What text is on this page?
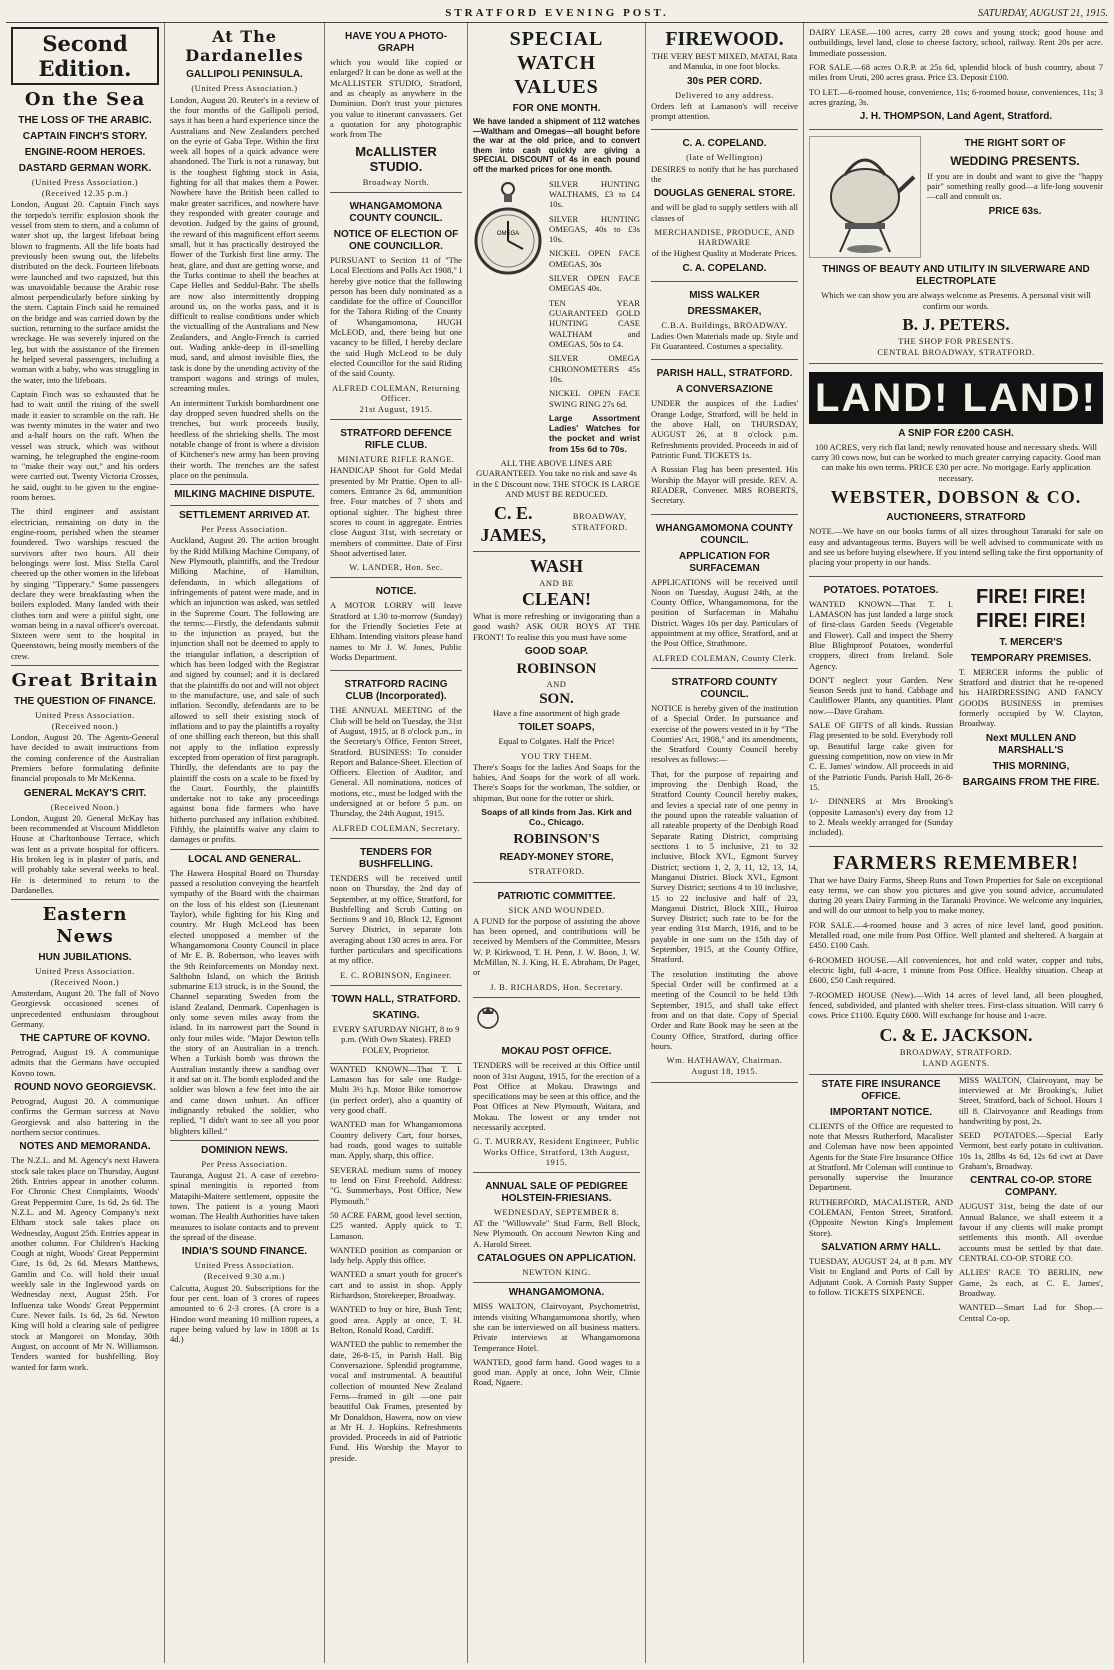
STRATFORD EVENING POST.	SATURDAY, AUGUST 21, 1915.
Second Edition.
On the Sea
THE LOSS OF THE ARABIC.
CAPTAIN FINCH'S STORY.
ENGINE-ROOM HEROES.
DASTARD GERMAN WORK.
(United Press Association.)
(Received 12.35 p.m.)

London, August 20. Captain Finch says the torpedo's terrific explosion shook the vessel from stem to stern, and a column of water shot up, the largest lifeboat being blown to fragments. All the life boats had previously been swung out, the lifebelts distributed on the deck. Fourteen lifeboats were launched and two capsized, but this was unavoidable because the Arabic rose almost perpendicularly before sinking by the stern. Captain Finch said he remained on the bridge and was carried down by the suction, returning to the surface amidst the wreckage. He was severely injured on the leg, but with the assistance of the firemen he helped several passengers, including a woman with a baby, who was struggling in the water, into the lifeboats.

Captain Finch was so exhausted that he had to wait until the rising of the swell made it easier to scramble on the raft. He was twenty minutes in the water and two and a-half hours on the raft. When the vessel was struck, which was without warning, he telegraphed the engine-room to "make their way out," and his orders were carried out. Twenty Victoria Crosses, he said, ought to be given to the engine-room heroes.

The third engineer and assistant electrician, remaining on duty in the engine-room, perished when the steamer foundered. Two warships rescued the survivors after two hours. All their belongings were lost. Miss Stella Carol cheered up the other women in the lifeboat by singing "Tipperary." Some passengers declare they were breakfasting when the boilers exploded. Many landed with their clothes torn and were a pitiful sight, one woman being in a naval officer's overcoat. Sixteen were sent to the hospital in Queenstown, being mostly members of the crew.

Great Britain
THE QUESTION OF FINANCE.
United Press Association.
(Received noon.)

London, August 20. The Agents-General have decided to await instructions from the coming conference of the Australian Premiers before formulating definite financial proposals to Mr McKenna.

GENERAL McKAY'S CRIT.
(Received Noon.)

London, August 20. General McKay has been recommended at Viscount Middleton House at Charltonhouse Terrace, which was lent as a private hospital for officers. His broken leg is in plaster of paris, and will probably take several weeks to heal. He is determined to return to the Dardanelles.

Eastern News
HUN JUBILATIONS.
United Press Association.
(Received Noon.)

Amsterdam, August 20. The fall of Novo Georgievsk occasioned scenes of unprecedented enthusiasm throughout Germany.

THE CAPTURE OF KOVNO.

Petrograd, August 19. A communique admits that the Germans have occupied Kovno town.

ROUND NOVO GEORGIEVSK.

Petrograd, August 20. A communique confirms the German success at Novo Georgievsk and also battering in the northern sector continues.

NOTES AND MEMORANDA.

The N.Z.L. and M. Agency's next Hawera stock sale takes place on Thursday, August 26th. Entries appear in another column. For Chronic Chest Complaints, Woods' Great Peppermint Cure, 1s 6d, 2s 6d. The N.Z.L. and M. Agency Company's next Eltham stock sale takes place on Wednesday, August 25th. Entries appear in another column. For Children's Hacking Cough at night, Woods' Great Peppermint Cure, 1s 6d, 2s 6d. Messrs Matthews, Gamlin and Co. will hold their usual weekly sale in the Inglewood yards on Wednesday next, August 25th. For Influenza take Woods' Great Peppermint Cure. Never fails. 1s 6d, 2s 6d. Newton King will hold a clearing sale of pedigree stock at Mangorei on Monday, 30th August, on account of Mr N. Williamson. Tenders wanted for bushfelling. Boy wanted for farm work.

At The Dardanelles
GALLIPOLI PENINSULA.
(United Press Association.)

London, August 20. Reuter's in a review of the four months of the Gallipoli period, says it has been a hard experience since the Australians and New Zealanders perched on the eyrie of Gaba Tepe. Within the first week all hopes of a quick advance were abandoned. The Turk is not a runaway, but is the toughest fighting stock in Asia, fighting for all that makes them a Power. Nowhere have the British been called to make greater sacrifices, and nowhere have they responded with greater courage and devotion. Judged by the gains of ground, the reward of this magnificent effort seems small, but it has practically destroyed the flower of the Turkish first line army. The heat, glare, and dust are getting worse, and the Turks continue to shell the beaches at Cape Helles and Seddul-Bahr. The shells are now also intermittently dropping around us, on the works pass, and it is difficult to realise conditions under which the victualling of the Australians and New Zealanders, and Anglo-French is carried out. Wading ankle-deep in ill-smelling mud, sand, and almost invisible flies, the task is done by the unending activity of the transport wagons and strings of mules, screaming mules.

An intermittent Turkish bombardment one day dropped seven hundred shells on the trenches, but work proceeds busily, heedless of the shrieking shells. The most notable change of front is where a division of Kitchener's new army has been proving their worth. The trenches are the safest place on the peninsula.

MILKING MACHINE DISPUTE.
SETTLEMENT ARRIVED AT.
Per Press Association.

Auckland, August 20. The action brought by the Ridd Milking Machine Company, of New Plymouth, plaintiffs, and the Tredour Milking Machine, of Hamilton, defendants, in which allegations of infringements of patent were made, and in which an injunction was asked, was settled in the Supreme Court. The following are the terms:—Firstly, the defendants submit to the injunction as prayed, but the injunction shall not be deemed to apply to the triangular inflation, a description of which has been lodged with the Registrar and signed by counsel; and it is declared that the plaintiffs do not and will not object to the manufacture, use, and sale of such inflation. Secondly, defendants are to be allowed to sell their existing stock of inflations and to pay the plaintiffs a royalty of one shilling each thereon, but this shall not apply to the inflation expressly excepted from operation of first paragraph. Thirdly, the defendants are to pay the plaintiff the costs on a scale to be fixed by the Court. Fourthly, the plaintiffs undertake not to take any proceedings against bona fide farmers who have hitherto purchased any inflation exhibited. Fifthly, the plaintiffs waive any claim to damages or profits.

LOCAL AND GENERAL.

The Hawera Hospital Board on Thursday passed a resolution conveying the heartfelt sympathy of the Board with the chairman on the loss of his eldest son (Lieutenant Taylor), while fighting for his King and country. Mr Hugh McLeod has been elected unopposed a member of the Whangamomona County Council in place of Mr E. B. Robertson, who leaves with the 9th Reinforcements on Monday next. Salthohn Island, on which the British submarine E13 struck, is in the Sound, the Channel separating Sweden from the island Zealand, Denmark. Copenhagen is only some seven miles away from the island. In its narrowest part the Sound is only four miles wide. "Major Dewton tells the story of an Australian in a trench. When a Turkish bomb was thrown the Australian instantly threw a sandbag over it and sat on it. The bomb exploded and the soldier was blown a few feet into the air and came down unhurt. An officer indignantly rebuked the soldier, who replied, "I didn't want to see all you poor blighters killed."

DOMINION NEWS.
Per Press Association.

Tauranga, August 21. A case of cerebro-spinal meningitis is reported from Matapihi-Maitere settlement, opposite the town. The patient is a young Maori woman. The Health Authorities have taken measures to isolate contacts and to prevent the spread of the disease.

INDIA'S SOUND FINANCE.
United Press Association.
(Received 9.30 a.m.)

Calcutta, August 20. Subscriptions for the four per cent. loan of 3 crores of rupees amounted to 6 2-3 crores. (A crore is a Hindoo word meaning 10 million rupees, a rupee being valued by law in 1808 at 1s 4d.)

HAVE YOU A PHOTO-GRAPH

which you would like copied or enlarged? It can be done as well at the McALLISTER STUDIO, Stratford, and as cheaply as anywhere in the Dominion. Don't trust your pictures you value to itinerant canvassers. Get a quotation for any photographic work from The

McALLISTER STUDIO.
Broadway North.
WHANGAMOMONA COUNTY COUNCIL.
NOTICE OF ELECTION OF ONE COUNCILLOR.

PURSUANT to Section 11 of "The Local Elections and Polls Act 1908," I hereby give notice that the following person has been duly nominated as a candidate for the office of Councillor for the Tahora Riding of the County of Whangamomona, HUGH McLEOD, and, there being but one vacancy to be filled, I hereby declare the said Hugh McLeod to be duly elected Councillor for the said Riding of the said County.

ALFRED COLEMAN, Returning Officer.
21st August, 1915.
STRATFORD DEFENCE RIFLE CLUB.
MINIATURE RIFLE RANGE.

HANDICAP Shoot for Gold Medal presented by Mr Prattie. Open to all-comers. Entrance 2s 6d, ammunition free. Four matches of 7 shots and optional sighter. The highest three scores to count in aggregate. Entries close August 31st, with secretary or members of committee. Date of First Shoot advertised later.

W. LANDER, Hon. Sec.
NOTICE.

A MOTOR LORRY will leave Stratford at 1.30 to-morrow (Sunday) for the Friendly Societies Fete at Eltham. Intending visitors please hand names to Mr J. W. Jones, Public Works Department.

STRATFORD RACING CLUB (Incorporated).

THE ANNUAL MEETING of the Club will be held on Tuesday, the 31st of August, 1915, at 8 o'clock p.m., in the Secretary's Office, Fenton Street, Stratford. BUSINESS: To consider Report and Balance-Sheet. Election of Officers. Election of Auditor, and General. All nominations, notices of motions, etc., must be lodged with the undersigned at or before 5 p.m. on Thursday, the 24th August, 1915.

ALFRED COLEMAN, Secretary.
TENDERS FOR BUSHFELLING.

TENDERS will be received until noon on Thursday, the 2nd day of September, at my office, Stratford, for Bushfelling and Scrub Cutting on Sections 9 and 10, Block 12, Egmont Survey District, in separate lots averaging about 130 acres in area. For further particulars and specifications at my office.

E. C. ROBINSON, Engineer.
TOWN HALL, STRATFORD.
SKATING.

EVERY SATURDAY NIGHT, 8 to 9 p.m. (With Own Skates). FRED FOLEY, Proprietor.

WANTED KNOWN—That T. I. Lamason has for sale one Rudge-Multi 3½ h.p. Motor Bike tomorrow (in perfect order), also a quantity of very good chaff.

WANTED man for Whangamomona Country delivery Cart, four horses, bad roads, good wages to suitable man. Apply, sharp, this office.

SEVERAL medium sums of money to lend on First Freehold. Address: "G. Summerhays, Post Office, New Plymouth."

50 ACRE FARM, good level section, £25 wanted. Apply quick to T. Lamason.

WANTED position as companion or lady help. Apply this office.

WANTED a smart youth for grocer's cart and to assist in shop. Apply Richardson, Storekeeper, Broadway.

WANTED to buy or hire, Bush Tent; good area. Apply at once, T. H. Belton, Ronald Road, Cardiff.

WANTED the public to remember the date, 26-8-15, in Parish Hall. Big Conversazione. Splendid programme, vocal and instrumental. A beautiful collection of mounted New Zealand Ferns—framed in gilt —one pair beautiful Oak Frames, presented by Mr Donaldson, Hawera, now on view at Mr H. J. Hopkins. Refreshments provided. Proceeds in aid of Patriotic Fund. His Worship the Mayor to preside.

SPECIAL WATCH VALUES
FOR ONE MONTH.

We have landed a shipment of 112 watches—Waltham and Omegas—all bought before the war at the old price, and to convert them into cash quickly are giving a SPECIAL DISCOUNT of 4s in each pound off the marked prices for one month.

OMEGA

SILVER HUNTING WALTHAMS, £3 to £4 10s.

SILVER HUNTING OMEGAS, 40s to £3s 10s.

NICKEL OPEN FACE OMEGAS, 30s

SILVER OPEN FACE OMEGAS 40s.

TEN YEAR GUARANTEED GOLD HUNTING CASE WALTHAM and OMEGAS, 50s to £4.

SILVER OMEGA CHRONOMETERS 45s 10s.

NICKEL OPEN FACE SWING RING 27s 6d.

Large Assortment Ladies' Watches for the pocket and wrist from 15s 6d to 70s.

ALL THE ABOVE LINES ARE GUARANTEED. You take no risk and save 4s in the £ Discount now. THE STOCK IS LARGE AND MUST BE REDUCED.

C. E. JAMES,
BROADWAY, STRATFORD.
WASH
AND BE
CLEAN!

What is more refreshing or invigorating than a good wash? ASK OUR BOYS AT THE FRONT! To realise this you must have some

GOOD SOAP.
ROBINSON
AND
SON.

Have a fine assortment of high grade

TOILET SOAPS,

Equal to Colgates. Half the Price!

YOU TRY THEM.

There's Soaps for the ladies And Soaps for the babies, And Soaps for the work of all work. There's Soaps for the workman, The soldier, or shipman, But none for the rotter or shirk.

Soaps of all kinds from Jas. Kirk and Co., Chicago.

ROBINSON'S
READY-MONEY STORE,
STRATFORD.
PATRIOTIC COMMITTEE.
SICK AND WOUNDED.

A FUND for the purpose of assisting the above has been opened, and contributions will be received by Members of the Committee, Messrs W. P. Kirkwood, T. H. Penn, J. W. Boon, J. W. McMillan, N. J. King, H. E. Abraham, Dr Paget, or

J. B. RICHARDS, Hon. Secretary.
MOKAU POST OFFICE.

TENDERS will be received at this Office until noon of 31st August, 1915, for the erection of a Post Office at Mokau. Drawings and specifications may be seen at this office, and the Post Offices at New Plymouth, Waitara, and Mokau. The lowest or any tender not necessarily accepted.

G. T. MURRAY, Resident Engineer, Public Works Office, Stratford, 13th August, 1915.
ANNUAL SALE OF PEDIGREE HOLSTEIN-FRIESIANS.
WEDNESDAY, SEPTEMBER 8.

AT the "Willowvale" Stud Farm, Bell Block, New Plymouth. On account Newton King and A. Harold Street.

CATALOGUES ON APPLICATION.
NEWTON KING.
WHANGAMOMONA.

MISS WALTON, Clairvoyant, Psychometrist, intends visiting Whangamomona shortly, when she can be interviewed on all business matters. Private interviews at Whangamomona Temperance Hotel.

WANTED, good farm hand. Good wages to a good man. Apply at once, John Weir, Clinie Road, Ngaere.

FIREWOOD.

THE VERY BEST MIXED, MATAI, Rata and Manuka, in one foot blocks.

30s PER CORD.
Delivered to any address.

Orders left at Lamason's will receive prompt attention.

C. A. COPELAND.
(late of Wellington)

DESIRES to notify that he has purchased the

DOUGLAS GENERAL STORE.

and will be glad to supply settlers with all classes of

MERCHANDISE, PRODUCE, AND HARDWARE

of the Highest Quality at Moderate Prices.

C. A. COPELAND.
MISS WALKER
DRESSMAKER,
C.B.A. Buildings, BROADWAY.

Ladies Own Materials made up. Style and Fit Guaranteed. Costumes a speciality.

PARISH HALL, STRATFORD.
A CONVERSAZIONE

UNDER the auspices of the Ladies' Orange Lodge, Stratford, will be held in the above Hall, on THURSDAY, AUGUST 26, at 8 o'clock p.m. Refreshments provided. Proceeds in aid of Patriotic Fund. TICKETS 1s.

A Russian Flag has been presented. His Worship the Mayor will preside. REV. A. READER, Convener. MRS ROBERTS, Secretary.

WHANGAMOMONA COUNTY COUNCIL.
APPLICATION FOR SURFACEMAN

APPLICATIONS will be received until Noon on Tuesday, August 24th, at the County Office, Whangamomona, for the position of Surfaceman in Mahahu District. Wages 10s per day. Particulars of appointment at my office, Stratford, and at the Post Office, Strathmore.

ALFRED COLEMAN, County Clerk.
STRATFORD COUNTY COUNCIL.

NOTICE is hereby given of the institution of a Special Order. In pursuance and exercise of the powers vested in it by "The Counties' Act, 1908," and its amendments, the Stratford County Council hereby resolves as follows:—

That, for the purpose of repairing and improving the Denbigh Road, the Stratford County Council hereby makes, and levies a special rate of one penny in the pound upon the rateable valuation of all rateable property of the Denbigh Road Separate Rating District, comprising sections 1 to 5 inclusive, 21 to 32 inclusive, Block XVI., Egmont Survey District; sections 1, 2, 3, 11, 12, 13, 14, Manganui District. Block XVI., Egmont Survey District; sections 4 to 10 inclusive, 15 to 22 inclusive and half of 23, Manganui District, Block XIII., Huiroa Survey District; such rate to be for the year ending 31st March, 1916, and to be payable in one sum on the 15th day of September, 1915, at the County Office, Stratford.

The resolution instituting the above Special Order will be confirmed at a meeting of the Council to be held 13th September, 1915, and shall take effect from and on that date. Copy of Special Order and Rate Book may be seen at the County Office, Stratford, during office hours.

Wm. HATHAWAY, Chairman.
August 18, 1915.

DAIRY LEASE.—100 acres, carry 28 cows and young stock; good house and outbuildings, level land, close to cheese factory, school, railway. Rent 20s per acre. Immediate possession.

FOR SALE.—68 acres O.R.P. at 25s 6d, splendid block of bush country, about 7 miles from Uruti, 200 acres grass. Price £3. Deposit £100.

TO LET.—6-roomed house, convenience, 11s; 6-roomed house, conveniences, 11s; 3 acres grazing, 3s.

J. H. THOMPSON, Land Agent, Stratford.
THE RIGHT SORT OF
WEDDING PRESENTS.

If you are in doubt and want to give the "happy pair" something really good—a life-long souvenir—call and consult us.

PRICE 63s.
THINGS OF BEAUTY AND UTILITY IN SILVERWARE AND ELECTROPLATE

Which we can show you are always welcome as Presents. A personal visit will confirm our words.

B. J. PETERS.
THE SHOP FOR PRESENTS.
CENTRAL BROADWAY, STRATFORD.
LAND! LAND!
A SNIP FOR £200 CASH.

100 ACRES, very rich flat land; newly renovated house and necessary sheds. Will carry 30 cows now, but can be worked to much greater carrying capacity. Good man can make his own terms. PRICE £30 per acre. No mortgage. Early application necessary.

WEBSTER, DOBSON & CO.
AUCTIONEERS, STRATFORD

NOTE.—We have on our books farms of all sizes throughout Taranaki for sale on easy and advantageous terms. Buyers will be well advised to communicate with us and see us before buying elsewhere. If you intend selling take the first opportunity of placing your property in our hands.

POTATOES. POTATOES.

WANTED KNOWN—That T. I. LAMASON has just landed a large stock of first-class Garden Seeds (Vegetable and Flower). Call and inspect the Sherry Blue Blightproof Potatoes, wonderful croppers, direct from Ireland. Sole Agency.

DON'T neglect your Garden. New Season Seeds just to hand. Cabbage and Cauliflower Plants, any quantities. Plant now.—Dave Graham.

SALE OF GIFTS of all kinds. Russian Flag presented to be sold. Everybody roll up. Beautiful large cake given for guessing competition, now on view in Mr C. E. James' window. All proceeds in aid of the Patriotic Funds. Parish Hall, 26-8-15.

1/- DINNERS at Mrs Brooking's (opposite Lamason's) every day from 12 to 2. Meals weekly arranged for (Sunday included).

FIRE! FIRE! FIRE! FIRE!
T. MERCER'S
TEMPORARY PREMISES.

T. MERCER informs the public of Stratford and district that he re-opened his HAIRDRESSING AND FANCY GOODS BUSINESS in premises formerly occupied by W. Clayton, Broadway.

Next MULLEN AND MARSHALL'S
THIS MORNING,
BARGAINS FROM THE FIRE.
FARMERS REMEMBER!

That we have Dairy Farms, Sheep Runs and Town Properties for Sale on exceptional easy terms, we can show you pictures and give you sound advice, accumulated during 20 years Dairy Farming in the Taranaki Province. We welcome any inquiries, and will do our utmost to help you to make money.

FOR SALE.—4-roomed house and 3 acres of nice level land, good position. Metalled road, one mile from Post Office. Well planted and sheltered. A bargain at £450. £100 Cash.

6-ROOMED HOUSE.—All conveniences, hot and cold water, copper and tubs, electric light, full 4-acre, 1 minute from Post Office. Healthy situation. Cheap at £600, £50 Cash required.

7-ROOMED HOUSE (New).—With 14 acres of level land, all been ploughed, fenced, subdivided, and planted with shelter trees. First-class situation. Will carry 6 cows. Price £1100. Equity £600. Will exchange for house and 1-acre.

C. & E. JACKSON.
BROADWAY, STRATFORD.
LAND AGENTS.
STATE FIRE INSURANCE OFFICE.
IMPORTANT NOTICE.

CLIENTS of the Office are requested to note that Messrs Rutherford, Macalister and Coleman have now been appointed Agents for the State Fire Insurance Office at Stratford. Mr Coleman will continue to personally supervise the Insurance Department.

RUTHERFORD, MACALISTER, AND COLEMAN, Fenton Street, Stratford. (Opposite Newton King's Implement Store).

SALVATION ARMY HALL.

TUESDAY, AUGUST 24, at 8 p.m. MY Visit to England and Ports of Call by Adjutant Cook. A Cornish Pasty Supper to follow. TICKETS SIXPENCE.

MISS WALTON, Clairvoyant, may be interviewed at Mr Brooking's, Juliet Street, Stratford, back of School. Hours 1 till 8. Clairvoyance and Readings from handwriting by post, 2s.

SEED POTATOES.—Special Early Vermont, best early potato in cultivation. 10s 1s, 28lbs 4s 6d, 12s 6d cwt at Dave Graham's, Broadway.

CENTRAL CO-OP. STORE COMPANY.

AUGUST 31st, being the date of our Annual Balance, we shall esteem it a favour if any clients will make prompt settlements this month. All overdue accounts must be settled by that date. CENTRAL CO-OP. STORE CO.

ALLIES' RACE TO BERLIN, new Game, 2s each, at C. E. James', Broadway.

WANTED—Smart Lad for Shop.—Central Co-op.
